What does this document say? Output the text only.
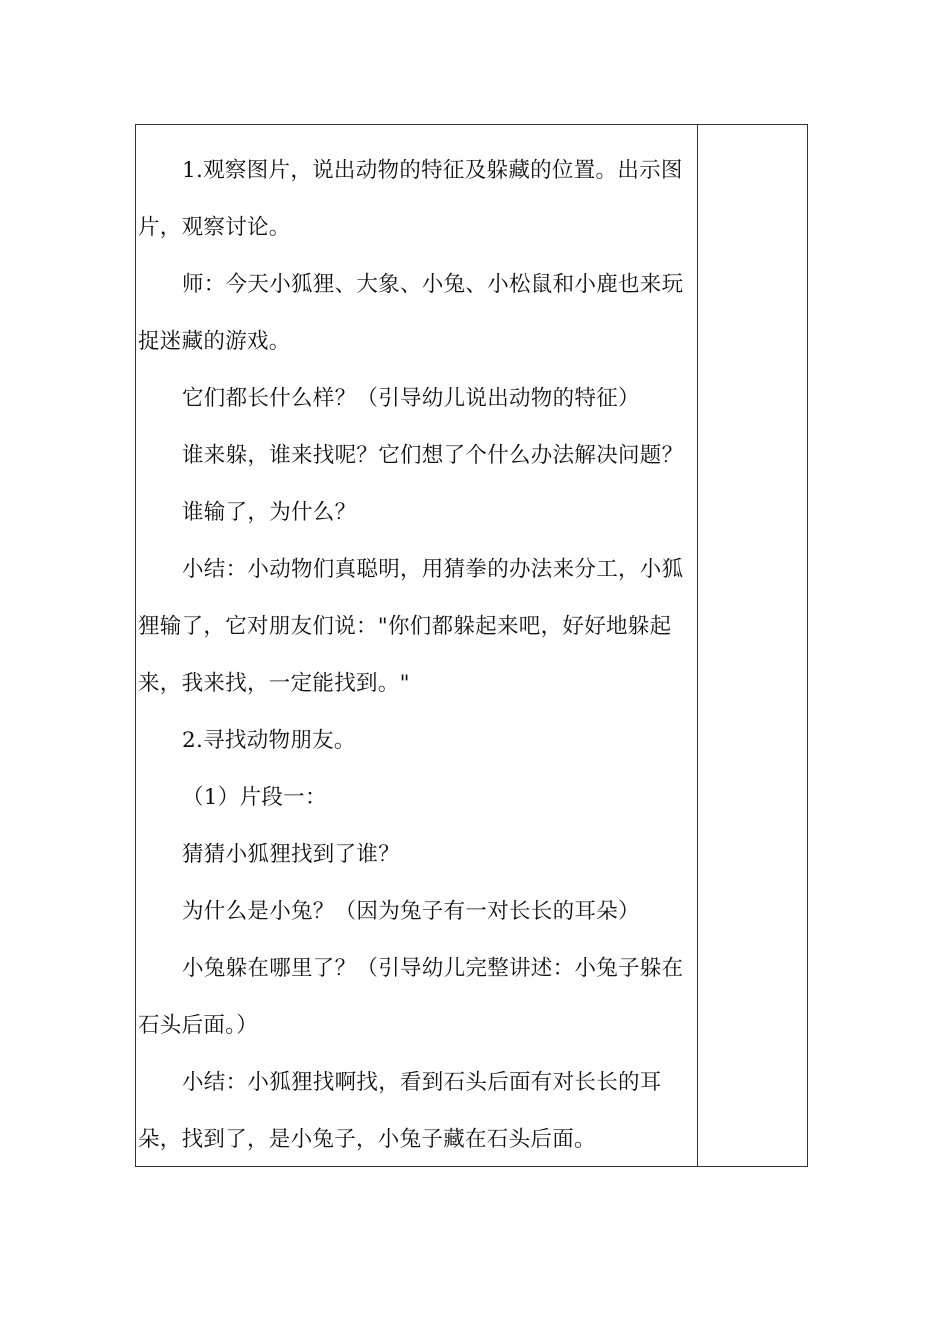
1.观察图片，说出动物的特征及躲藏的位置。出示图片，观察讨论。

师：今天小狐狸、大象、小兔、小松鼠和小鹿也来玩捉迷藏的游戏。

它们都长什么样？（引导幼儿说出动物的特征）

谁来躲，谁来找呢？它们想了个什么办法解决问题？

谁输了，为什么？

小结：小动物们真聪明，用猜拳的办法来分工，小狐狸输了，它对朋友们说："你们都躲起来吧，好好地躲起来，我来找，一定能找到。"

2.寻找动物朋友。

（1）片段一：

猜猜小狐狸找到了谁？

为什么是小兔？（因为兔子有一对长长的耳朵）

小兔躲在哪里了？（引导幼儿完整讲述：小兔子躲在石头后面。）

小结：小狐狸找啊找，看到石头后面有对长长的耳朵，找到了，是小兔子，小兔子藏在石头后面。
